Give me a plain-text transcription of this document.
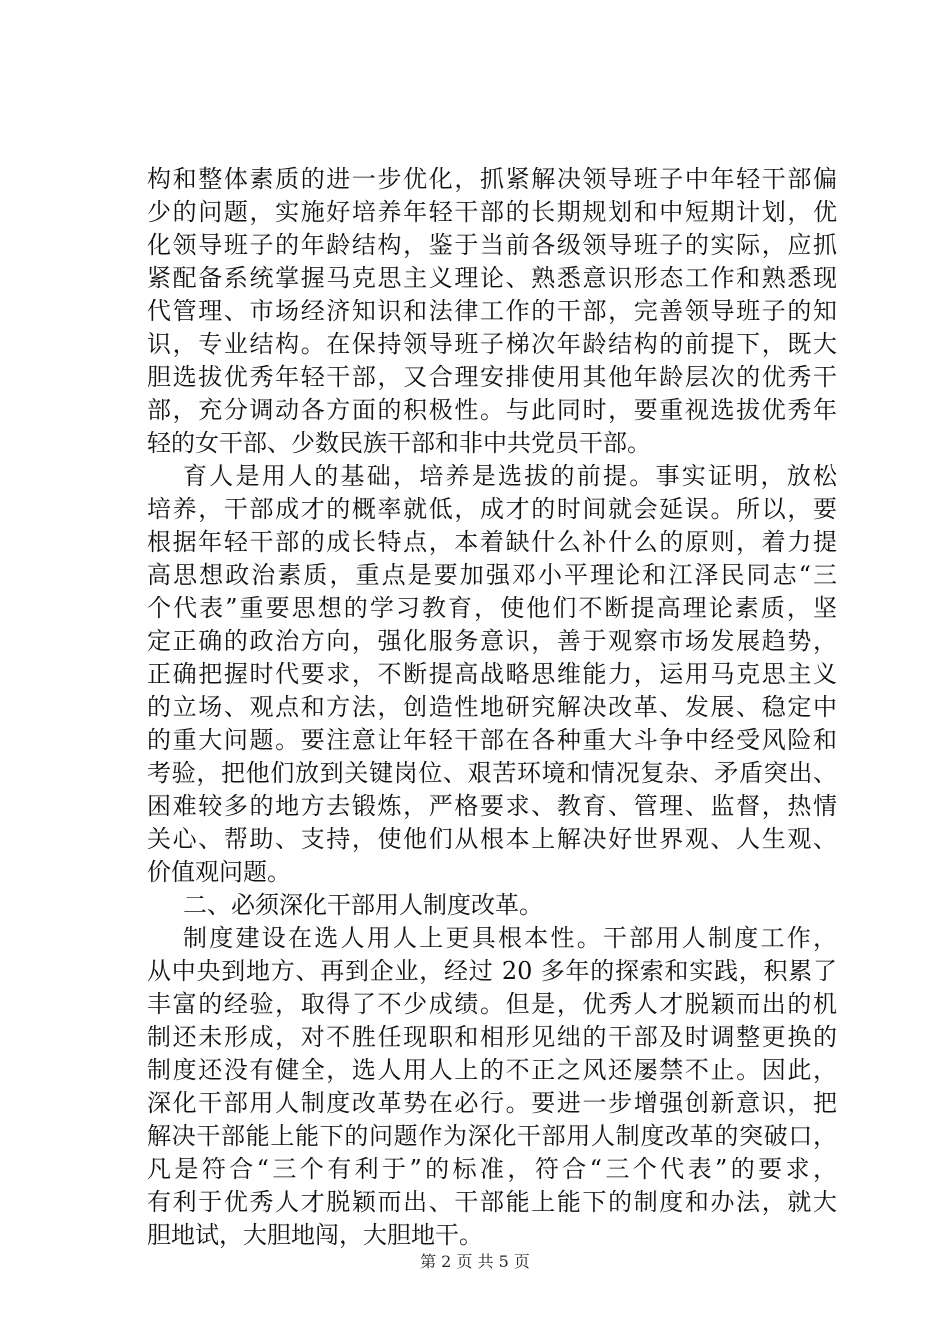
构和整体素质的进一步优化，抓紧解决领导班子中年轻干部偏
少的问题，实施好培养年轻干部的长期规划和中短期计划，优
化领导班子的年龄结构，鉴于当前各级领导班子的实际，应抓
紧配备系统掌握马克思主义理论、熟悉意识形态工作和熟悉现
代管理、市场经济知识和法律工作的干部，完善领导班子的知
识，专业结构。在保持领导班子梯次年龄结构的前提下，既大
胆选拔优秀年轻干部，又合理安排使用其他年龄层次的优秀干
部，充分调动各方面的积极性。与此同时，要重视选拔优秀年
轻的女干部、少数民族干部和非中共党员干部。
育人是用人的基础，培养是选拔的前提。事实证明，放松
培养，干部成才的概率就低，成才的时间就会延误。所以，要
根据年轻干部的成长特点，本着缺什么补什么的原则，着力提
高思想政治素质，重点是要加强邓小平理论和江泽民同志“三
个代表”重要思想的学习教育，使他们不断提高理论素质，坚
定正确的政治方向，强化服务意识，善于观察市场发展趋势，
正确把握时代要求，不断提高战略思维能力，运用马克思主义
的立场、观点和方法，创造性地研究解决改革、发展、稳定中
的重大问题。要注意让年轻干部在各种重大斗争中经受风险和
考验，把他们放到关键岗位、艰苦环境和情况复杂、矛盾突出、
困难较多的地方去锻炼，严格要求、教育、管理、监督，热情
关心、帮助、支持，使他们从根本上解决好世界观、人生观、
价值观问题。
二、必须深化干部用人制度改革。
制度建设在选人用人上更具根本性。干部用人制度工作，
从中央到地方、再到企业，经过 20 多年的探索和实践，积累了
丰富的经验，取得了不少成绩。但是，优秀人才脱颖而出的机
制还未形成，对不胜任现职和相形见绌的干部及时调整更换的
制度还没有健全，选人用人上的不正之风还屡禁不止。因此，
深化干部用人制度改革势在必行。要进一步增强创新意识，把
解决干部能上能下的问题作为深化干部用人制度改革的突破口，
凡是符合“三个有利于”的标准，符合“三个代表”的要求，
有利于优秀人才脱颖而出、干部能上能下的制度和办法，就大
胆地试，大胆地闯，大胆地干。
第 2 页 共 5 页
